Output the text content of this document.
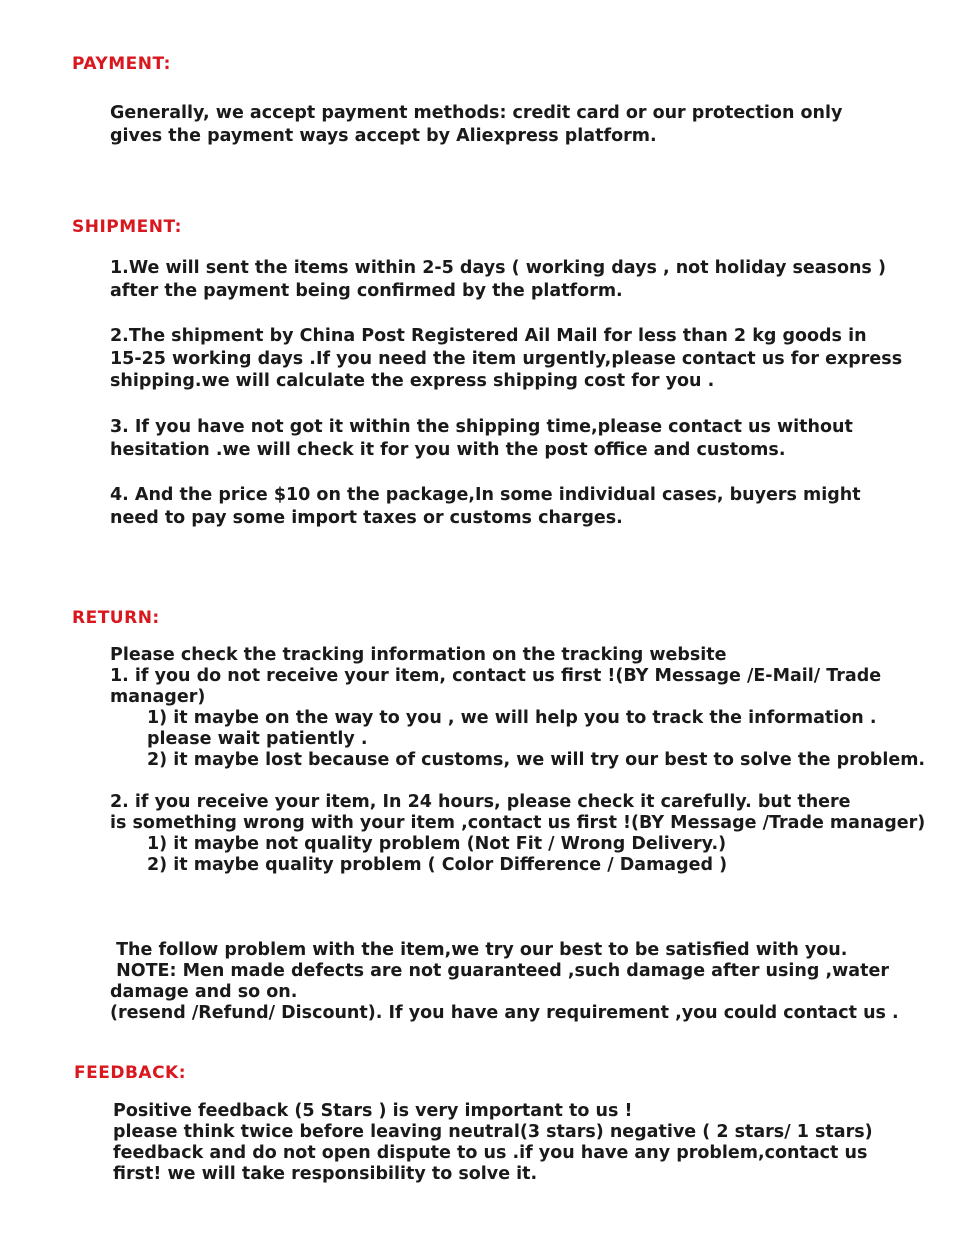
PAYMENT:
Generally, we accept payment methods: credit card or our protection only
gives the payment ways accept by Aliexpress platform.
SHIPMENT:
1.We will sent the items within 2-5 days ( working days , not holiday seasons )
after the payment being confirmed by the platform.
2.The shipment by China Post Registered Ail Mail for less than 2 kg goods in
15-25 working days .If you need the item urgently,please contact us for express
shipping.we will calculate the express shipping cost for you .
3. If you have not got it within the shipping time,please contact us without
hesitation .we will check it for you with the post office and customs.
4. And the price $10 on the package,In some individual cases, buyers might
need to pay some import taxes or customs charges.
RETURN:
Please check the tracking information on the tracking website
1. if you do not receive your item, contact us first !(BY Message /E-Mail/ Trade
manager)
1) it maybe on the way to you , we will help you to track the information .
please wait patiently .
2) it maybe lost because of customs, we will try our best to solve the problem.
2. if you receive your item, In 24 hours, please check it carefully. but there
is something wrong with your item ,contact us first !(BY Message /Trade manager)
1) it maybe not quality problem (Not Fit / Wrong Delivery.)
2) it maybe quality problem ( Color Difference / Damaged )

The follow problem with the item,we try our best to be satisfied with you.

(resend /Refund/ Discount). If you have any requirement ,you could contact us .

NOTE: Men made defects are not guaranteed ,such damage after using ,water
damage and so on.
FEEDBACK:
Positive feedback (5 Stars ) is very important to us !
please think twice before leaving neutral(3 stars) negative ( 2 stars/ 1 stars)
feedback and do not open dispute to us .if you have any problem,contact us
first! we will take responsibility to solve it.
